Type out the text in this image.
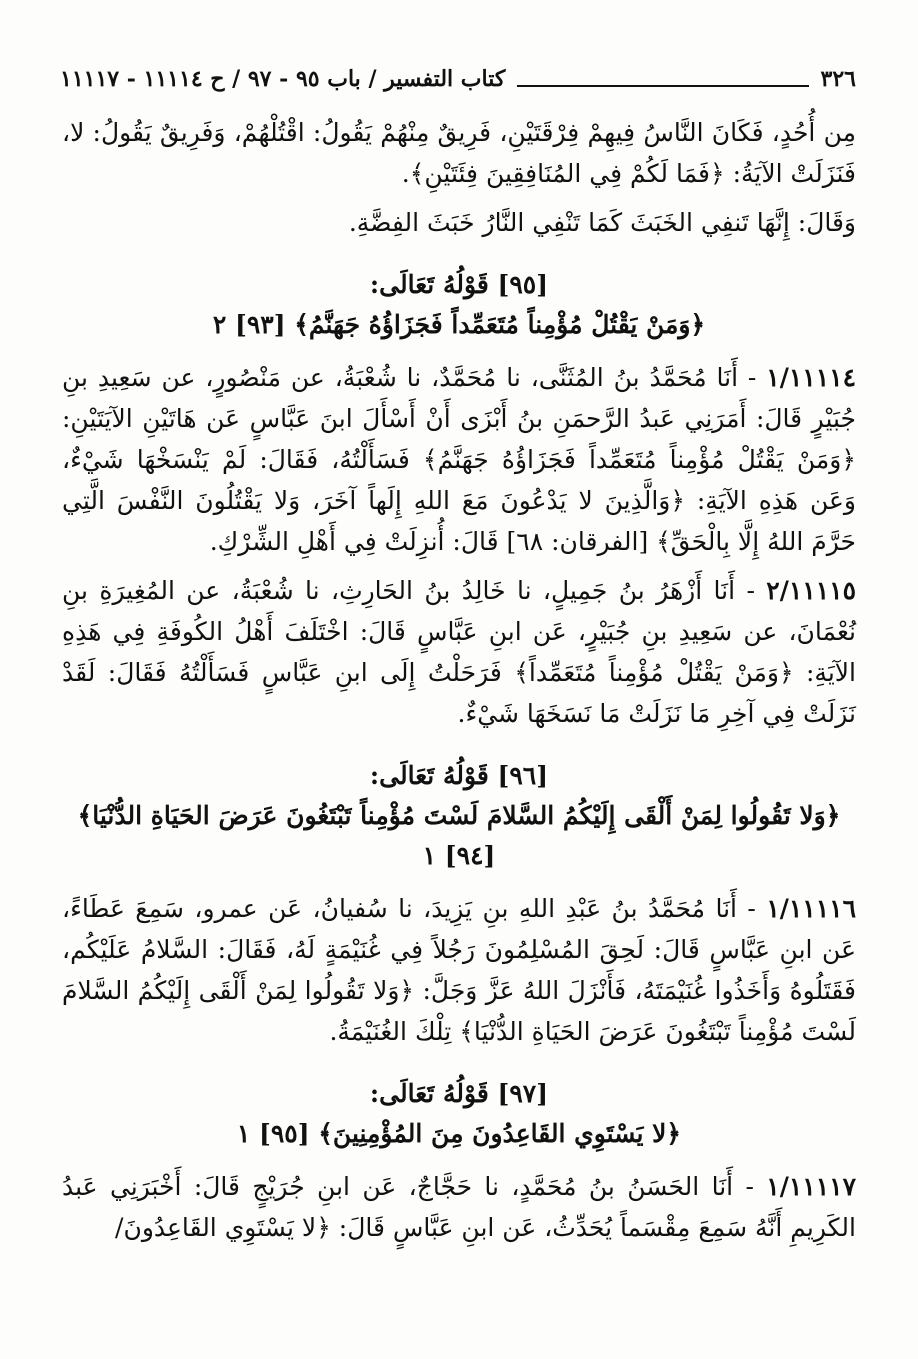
٣٢٦
كتاب التفسير / باب ٩٥ - ٩٧ / ح ١١١١٤ - ١١١١٧

مِن أُحُدٍ، فَكَانَ النَّاسُ فِيهِمْ فِرْقَتَيْنِ، فَرِيقٌ مِنْهُمْ يَقُولُ: اقْتُلْهُمْ، وَفَرِيقٌ يَقُولُ: لا، فَنَزَلَتْ الآيَةُ: ﴿فَمَا لَكُمْ فِي المُنَافِقِينَ فِئَتَيْنِ﴾.

وَقَالَ: إِنَّهَا تَنفِي الخَبَثَ كَمَا تَنْفِي النَّارُ خَبَثَ الفِضَّةِ.

[٩٥] قَوْلُهُ تَعَالَى:
﴿وَمَنْ يَقْتُلْ مُؤْمِناً مُتَعَمِّداً فَجَزَاؤُهُ جَهَنَّمُ﴾ [٩٣] ٢

١/١١١١٤ - أَنَا مُحَمَّدُ بنُ المُثَنَّى، نا مُحَمَّدٌ، نا شُعْبَةُ، عن مَنْصُورٍ، عن سَعِيدِ بنِ جُبَيْرٍ قَالَ: أَمَرَنِي عَبدُ الرَّحمَنِ بنُ أَبْزَى أَنْ أَسْأَلَ ابنَ عَبَّاسٍ عَن هَاتَيْنِ الآيَتَيْنِ: ﴿وَمَنْ يَقْتُلْ مُؤْمِناً مُتَعَمِّداً فَجَزَاؤُهُ جَهَنَّمُ﴾ فَسَأَلْتُهُ، فَقَالَ: لَمْ يَنْسَخْهَا شَيْءٌ، وَعَن هَذِهِ الآيَةِ: ﴿وَالَّذِينَ لا يَدْعُونَ مَعَ اللهِ إِلَهاً آخَرَ، وَلا يَقْتُلُونَ النَّفْسَ الَّتِي حَرَّمَ اللهُ إِلَّا بِالْحَقِّ﴾ [الفرقان: ٦٨] قَالَ: أُنزِلَتْ فِي أَهْلِ الشِّرْكِ.

٢/١١١١٥ - أَنَا أَزْهَرُ بنُ جَمِيلٍ، نا خَالِدُ بنُ الحَارِثِ، نا شُعْبَةُ، عن المُغِيرَةِ بنِ نُعْمَانَ، عن سَعِيدِ بنِ جُبَيْرٍ، عَن ابنِ عَبَّاسٍ قَالَ: اخْتَلَفَ أَهْلُ الكُوفَةِ فِي هَذِهِ الآيَةِ: ﴿وَمَنْ يَقْتُلْ مُؤْمِناً مُتَعَمِّداً﴾ فَرَحَلْتُ إِلَى ابنِ عَبَّاسٍ فَسَأَلْتُهُ فَقَالَ: لَقَدْ نَزَلَتْ فِي آخِرِ مَا نَزَلَتْ مَا نَسَخَهَا شَيْءٌ.

[٩٦] قَوْلُهُ تَعَالَى:
﴿وَلا تَقُولُوا لِمَنْ أَلْقَى إِلَيْكُمُ السَّلامَ لَسْتَ مُؤْمِناً تَبْتَغُونَ عَرَضَ الحَيَاةِ الدُّنْيَا﴾ [٩٤] ١

١/١١١١٦ - أَنَا مُحَمَّدُ بنُ عَبْدِ اللهِ بنِ يَزِيدَ، نا سُفيانُ، عَن عمرو، سَمِعَ عَطَاءً، عَن ابنِ عَبَّاسٍ قَالَ: لَحِقَ المُسْلِمُونَ رَجُلاً فِي غُنَيْمَةٍ لَهُ، فَقَالَ: السَّلامُ عَلَيْكُم، فَقَتَلُوهُ وَأَخَذُوا غُنَيْمَتَهُ، فَأَنْزَلَ اللهُ عَزَّ وَجَلَّ: ﴿وَلا تَقُولُوا لِمَنْ أَلْقَى إِلَيْكُمُ السَّلامَ لَسْتَ مُؤْمِناً تَبْتَغُونَ عَرَضَ الحَيَاةِ الدُّنْيَا﴾ تِلْكَ الغُنَيْمَةُ.

[٩٧] قَوْلُهُ تَعَالَى:
﴿لا يَسْتَوِي القَاعِدُونَ مِنَ المُؤْمِنِينَ﴾ [٩٥] ١

١/١١١١٧ - أَنَا الحَسَنُ بنُ مُحَمَّدٍ، نا حَجَّاجٌ، عَن ابنِ جُرَيْجٍ قَالَ: أَخْبَرَنِي عَبدُ الكَرِيمِ أَنَّهُ سَمِعَ مِقْسَماً يُحَدِّثُ، عَن ابنِ عَبَّاسٍ قَالَ: ﴿لا يَسْتَوِي القَاعِدُونَ/
